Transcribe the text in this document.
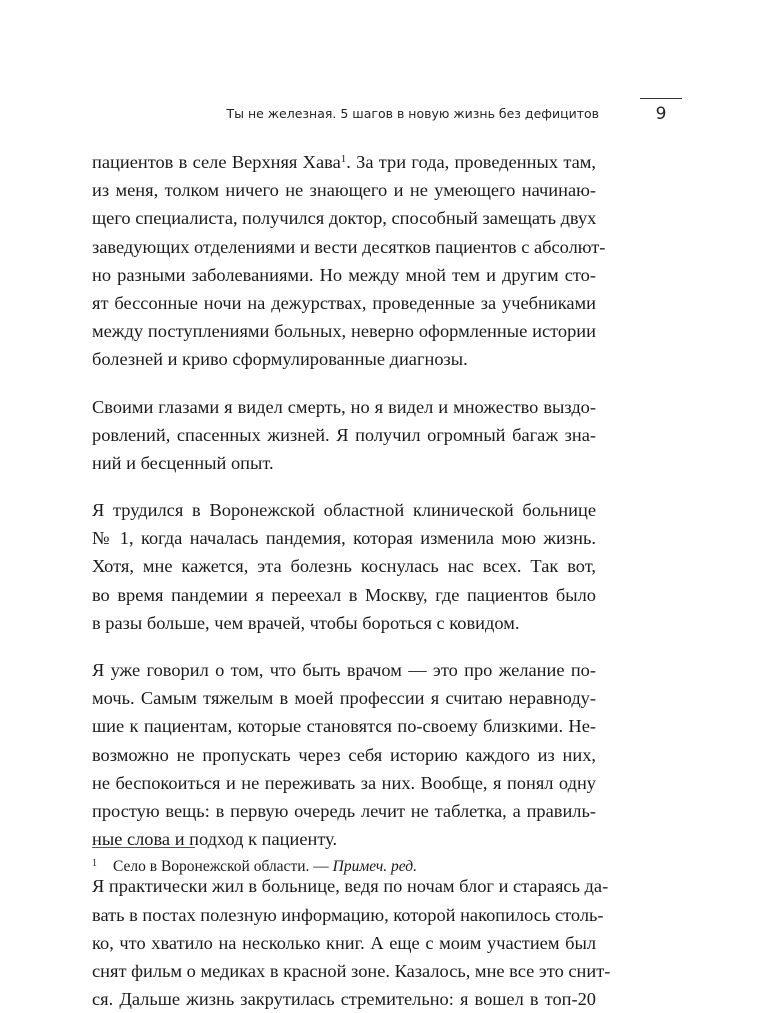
Ты не железная. 5 шагов в новую жизнь без дефицитов	9
пациентов в селе Верхняя Хава$^1$. За три года, проведенных там,
из меня, толком ничего не знающего и не умеющего начинаю-
щего специалиста, получился доктор, способный замещать двух
заведующих отделениями и вести десятков пациентов с абсолют-
но разными заболеваниями. Но между мной тем и другим сто-
ят бессонные ночи на дежурствах, проведенные за учебниками
между поступлениями больных, неверно оформленные истории
болезней и криво сформулированные диагнозы.
Своими глазами я видел смерть, но я видел и множество выздо-
ровлений, спасенных жизней. Я получил огромный багаж зна-
ний и бесценный опыт.
Я трудился в Воронежской областной клинической больнице
№ 1, когда началась пандемия, которая изменила мою жизнь.
Хотя, мне кажется, эта болезнь коснулась нас всех. Так вот,
во время пандемии я переехал в Москву, где пациентов было
в разы больше, чем врачей, чтобы бороться с ковидом.
Я уже говорил о том, что быть врачом — это про желание по-
мочь. Самым тяжелым в моей профессии я считаю неравноду-
шие к пациентам, которые становятся по-своему близкими. Не-
возможно не пропускать через себя историю каждого из них,
не беспокоиться и не переживать за них. Вообще, я понял одну
простую вещь: в первую очередь лечит не таблетка, а правиль-
ные слова и подход к пациенту.
Я практически жил в больнице, ведя по ночам блог и стараясь да-
вать в постах полезную информацию, которой накопилось столь-
ко, что хватило на несколько книг. А еще с моим участием был
снят фильм о медиках в красной зоне. Казалось, мне все это снит-
ся. Дальше жизнь закрутилась стремительно: я вошел в топ-20
$^1$ Село в Воронежской области. — Примеч. ред.
